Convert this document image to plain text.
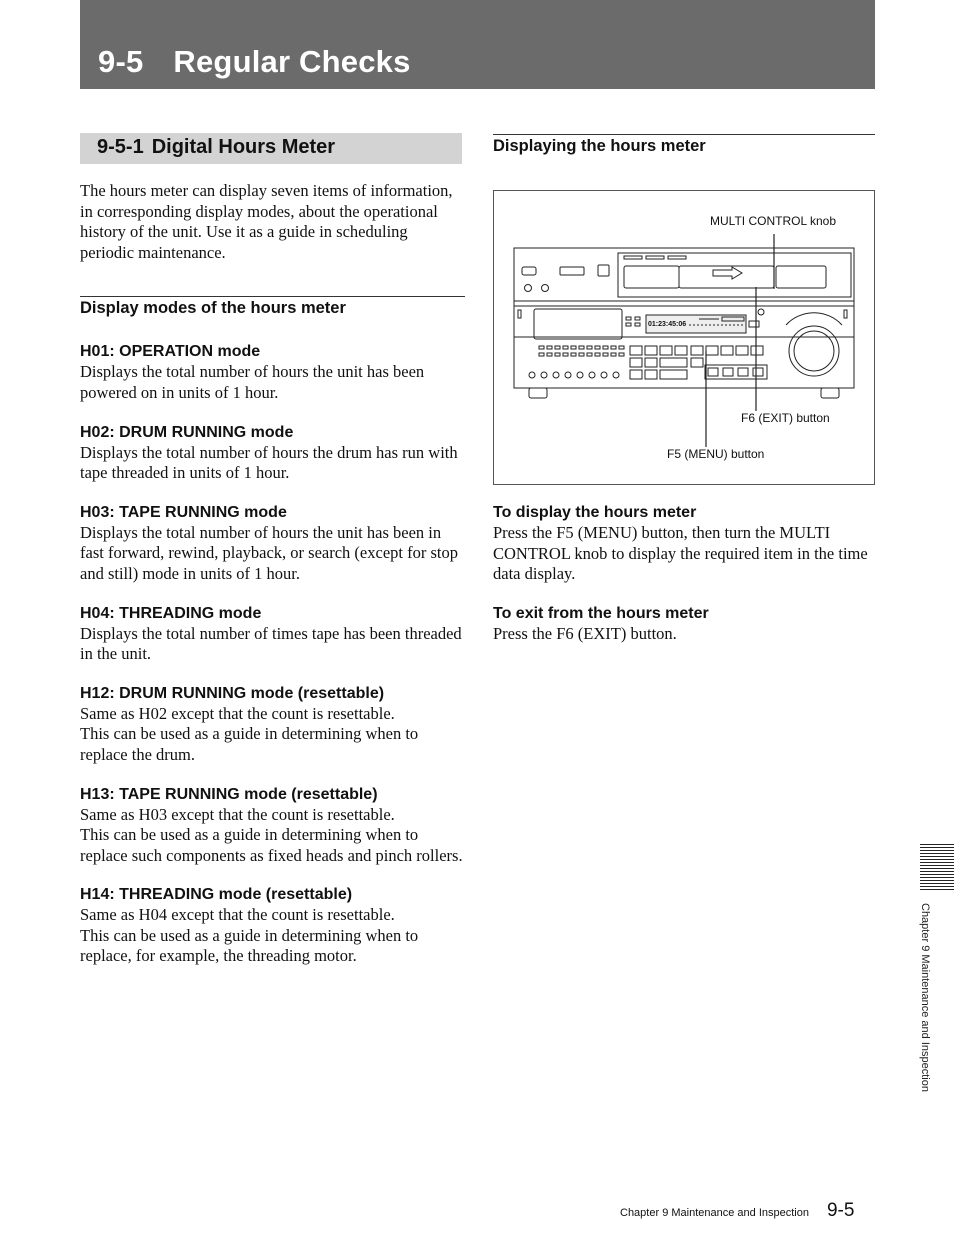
9-5 Regular Checks
9-5-1 Digital Hours Meter

The hours meter can display seven items of information, in corresponding display modes, about the operational history of the unit. Use it as a guide in scheduling periodic maintenance.

Display modes of the hours meter
H01: OPERATION mode

Displays the total number of hours the unit has been powered on in units of 1 hour.

H02: DRUM RUNNING mode

Displays the total number of hours the drum has run with tape threaded in units of 1 hour.

H03: TAPE RUNNING mode

Displays the total number of hours the unit has been in fast forward, rewind, playback, or search (except for stop and still) mode in units of 1 hour.

H04: THREADING mode

Displays the total number of times tape has been threaded in the unit.

H12: DRUM RUNNING mode (resettable)

Same as H02 except that the count is resettable.

This can be used as a guide in determining when to replace the drum.

H13: TAPE RUNNING mode (resettable)

Same as H03 except that the count is resettable.

This can be used as a guide in determining when to replace such components as fixed heads and pinch rollers.

H14: THREADING mode (resettable)

Same as H04 except that the count is resettable.

This can be used as a guide in determining when to replace, for example, the threading motor.

Displaying the hours meter
01:23:45:06
MULTI CONTROL knob
F6 (EXIT) button
F5 (MENU) button
To display the hours meter

Press the F5 (MENU) button, then turn the MULTI CONTROL knob to display the required item in the time data display.

To exit from the hours meter

Press the F6 (EXIT) button.

Chapter 9 Maintenance and Inspection
Chapter 9 Maintenance and Inspection 9-5
